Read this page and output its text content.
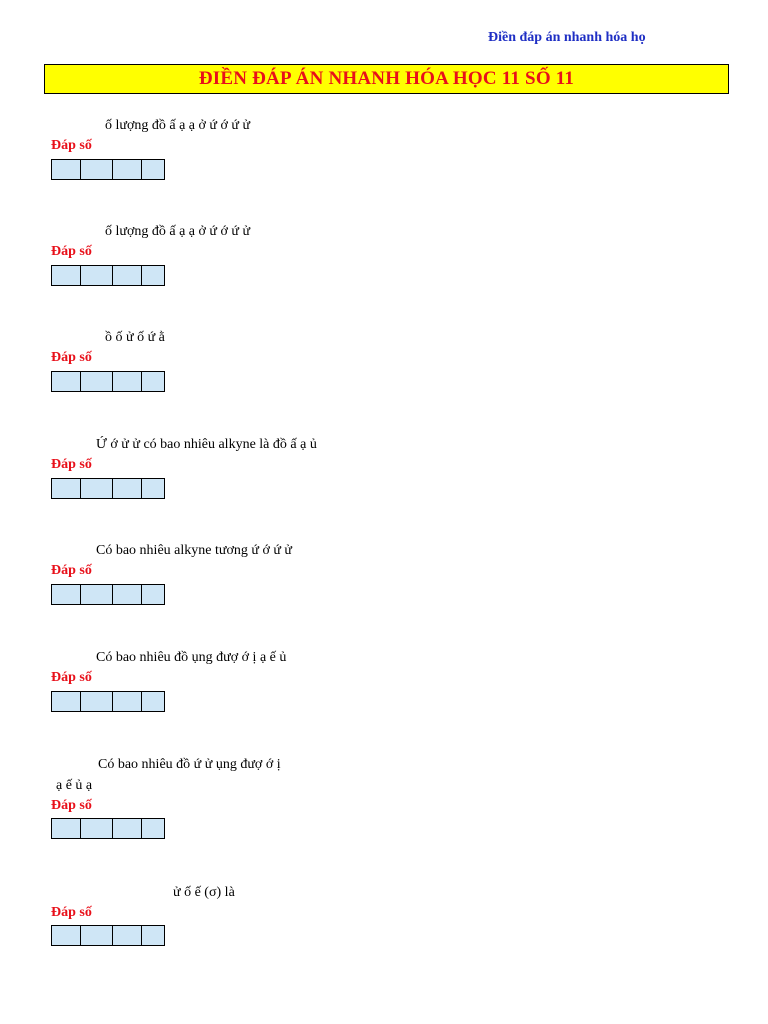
Điền đáp án nhanh hóa họ
ĐIỀN ĐÁP ÁN NHANH HÓA HỌC 11 SỐ 11
ố lượng đồ ấ ạ ạ ở ứ ớ ứ ử
Đáp số
ố lượng đồ ấ ạ ạ ở ứ ớ ứ ử
Đáp số
ồ ố ử ố ứ ằ
Đáp số
Ứ ớ ử ử có bao nhiêu alkyne là đồ ấ ạ ủ
Đáp số
Có bao nhiêu alkyne tương ứ ớ ứ ử
Đáp số
Có bao nhiêu đồ ụng đượ ớ ị ạ ế ủ
Đáp số
Có bao nhiêu đồ ứ ử ụng đượ ớ ị
ạ ế ủ ạ
Đáp số
ử ố ế (σ) là
Đáp số
